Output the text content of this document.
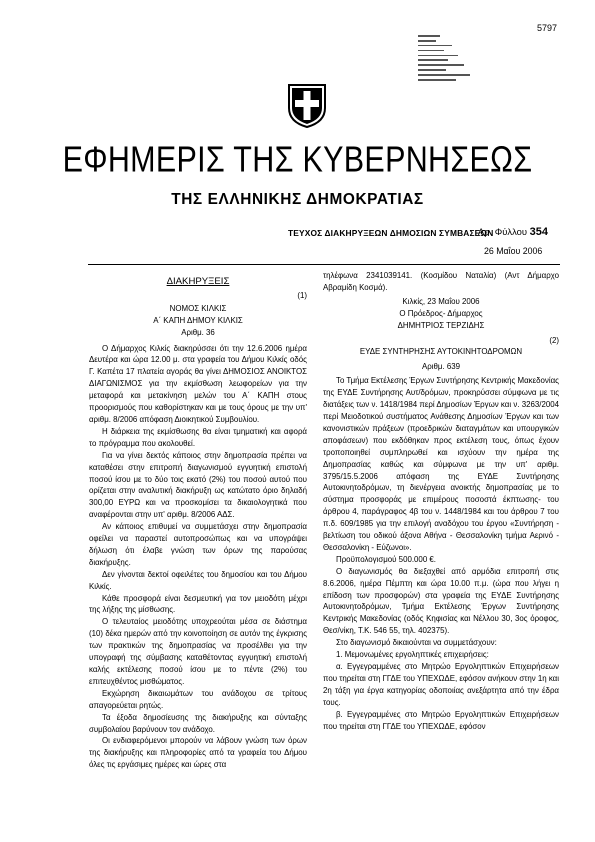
5797
ΕΦΗΜΕΡΙΣ ΤΗΣ ΚΥΒΕΡΝΗΣΕΩΣ
ΤΗΣ ΕΛΛΗΝΙΚΗΣ ΔΗΜΟΚΡΑΤΙΑΣ
ΤΕΥΧΟΣ ΔΙΑΚΗΡΥΞΕΩΝ ΔΗΜΟΣΙΩΝ ΣΥΜΒΑΣΕΩΝ
Αρ. Φύλλου 354
26 Μαΐου 2006

ΔΙΑΚΗΡΥΞΕΙΣ

(1)

ΝΟΜΟΣ ΚΙΛΚΙΣ

Α΄ ΚΑΠΗ ΔΗΜΟΥ ΚΙΛΚΙΣ

Αριθμ. 36

Ο Δήμαρχος Κιλκίς διακηρύσσει ότι την 12.6.2006 ημέρα Δευτέρα και ώρα 12.00 μ. στα γραφεία του Δήμου Κιλκίς οδός Γ. Καπέτα 17 πλατεία αγοράς θα γίνει ΔΗΜΟΣΙΟΣ ΑΝΟΙΚΤΟΣ ΔΙΑΓΩΝΙΣΜΟΣ για την εκμίσθωση λεωφορείων για την μεταφορά και μετακίνηση μελών του Α΄ ΚΑΠΗ στους προορισμούς που καθορίστηκαν και με τους όρους με την υπ' αριθμ. 8/2006 απόφαση Διοικητικού Συμβουλίου.

Η διάρκεια της εκμίσθωσης θα είναι τμηματική και αφορά το πρόγραμμα που ακολουθεί.

Για να γίνει δεκτός κάποιος στην δημοπρασία πρέπει να καταθέσει στην επιτροπή διαγωνισμού εγγυητική επιστολή ποσού ίσου με το δύο τοις εκατό (2%) του ποσού αυτού που ορίζεται στην αναλυτική διακήρυξη ως κατώτατο όριο δηλαδή 300,00 ΕΥΡΩ και να προσκομίσει τα δικαιολογητικά που αναφέρονται στην υπ' αριθμ. 8/2006 ΑΔΣ.

Αν κάποιος επιθυμεί να συμμετάσχει στην δημοπρασία οφείλει να παραστεί αυτοπροσώπως και να υπογράψει δήλωση ότι έλαβε γνώση των όρων της παρούσας διακήρυξης.

Δεν γίνονται δεκτοί οφειλέτες του δημοσίου και του Δήμου Κιλκίς.

Κάθε προσφορά είναι δεσμευτική για τον μειοδότη μέχρι της λήξης της μίσθωσης.

Ο τελευταίος μειοδότης υποχρεούται μέσα σε διάστημα (10) δέκα ημερών από την κοινοποίηση σε αυτόν της έγκρισης των πρακτικών της δημοπρασίας να προσέλθει για την υπογραφή της σύμβασης καταθέτοντας εγγυητική επιστολή καλής εκτέλεσης ποσού ίσου με το πέντε (2%) του επιτευχθέντος μισθώματος.

Εκχώρηση δικαιωμάτων του ανάδοχου σε τρίτους απαγορεύεται ρητώς.

Τα έξοδα δημοσίευσης της διακήρυξης και σύνταξης συμβολαίου βαρύνουν τον ανάδοχο.

Οι ενδιαφερόμενοι μπορούν να λάβουν γνώση των όρων της διακήρυξης και πληροφορίες από τα γραφεία του Δήμου όλες τις εργάσιμες ημέρες και ώρες στα

τηλέφωνα 2341039141. (Κοσμίδου Ναταλία) (Αντ Δήμαρχο Αβραμίδη Κοσμά).

Κιλκίς, 23 Μαΐου 2006

Ο Πρόεδρος- Δήμαρχος

ΔΗΜΗΤΡΙΟΣ ΤΕΡΖΙΔΗΣ

(2)

ΕΥΔΕ ΣΥΝΤΗΡΗΣΗΣ ΑΥΤΟΚΙΝΗΤΟΔΡΟΜΩΝ

Αριθμ. 639

Το Τμήμα Εκτέλεσης Έργων Συντήρησης Κεντρικής Μακεδονίας της ΕΥΔΕ Συντήρησης Αυτ/δρόμων, προκηρύσσει σύμφωνα με τις διατάξεις των ν. 1418/1984 περί Δημοσίων Έργων και ν. 3263/2004 περί Μειοδοτικού συστήματος Ανάθεσης Δημοσίων Έργων και των κανονιστικών πράξεων (προεδρικών διαταγμάτων και υπουργικών αποφάσεων) που εκδόθηκαν προς εκτέλεση τους, όπως έχουν τροποποιηθεί συμπληρωθεί και ισχύουν την ημέρα της Δημοπρασίας καθώς και σύμφωνα με την υπ' αριθμ. 3795/15.5.2006 απόφαση της ΕΥΔΕ Συντήρησης Αυτοκινητοδρόμων, τη διενέργεια ανοικτής δημοπρασίας με το σύστημα προσφοράς με επιμέρους ποσοστά έκπτωσης- του άρθρου 4, παράγραφος 4β του ν. 1448/1984 και του άρθρου 7 του π.δ. 609/1985 για την επιλογή αναδόχου του έργου «Συντήρηση - βελτίωση του οδικού άξονα Αθήνα - Θεσσαλονίκη τμήμα Αερινό - Θεσσαλονίκη - Εύζωνοι».

Προϋπολογισμού 500.000 €.

Ο διαγωνισμός θα διεξαχθεί από αρμόδια επιτροπή στις 8.6.2006, ημέρα Πέμπτη και ώρα 10.00 π.μ. (ώρα που λήγει η επίδοση των προσφορών) στα γραφεία της ΕΥΔΕ Συντήρησης Αυτοκινητοδρόμων, Τμήμα Εκτέλεσης Έργων Συντήρησης Κεντρικής Μακεδονίας (οδός Κηφισίας και Νέλλου 30, 3ος όροφος, Θεσ/νίκη, Τ.Κ. 546 55, τηλ. 402375).

Στο διαγωνισμό δικαιούνται να συμμετάσχουν:

1. Μεμονωμένες εργοληπτικές επιχειρήσεις:

α. Εγγεγραμμένες στο Μητρώο Εργοληπτικών Επιχειρήσεων που τηρείται στη ΓΓΔΕ του ΥΠΕΧΩΔΕ, εφόσον ανήκουν στην 1η και 2η τάξη για έργα κατηγορίας οδοποιίας ανεξάρτητα από την έδρα τους.

β. Εγγεγραμμένες στο Μητρώο Εργοληπτικών Επιχειρήσεων που τηρείται στη ΓΓΔΕ του ΥΠΕΧΩΔΕ, εφόσον
